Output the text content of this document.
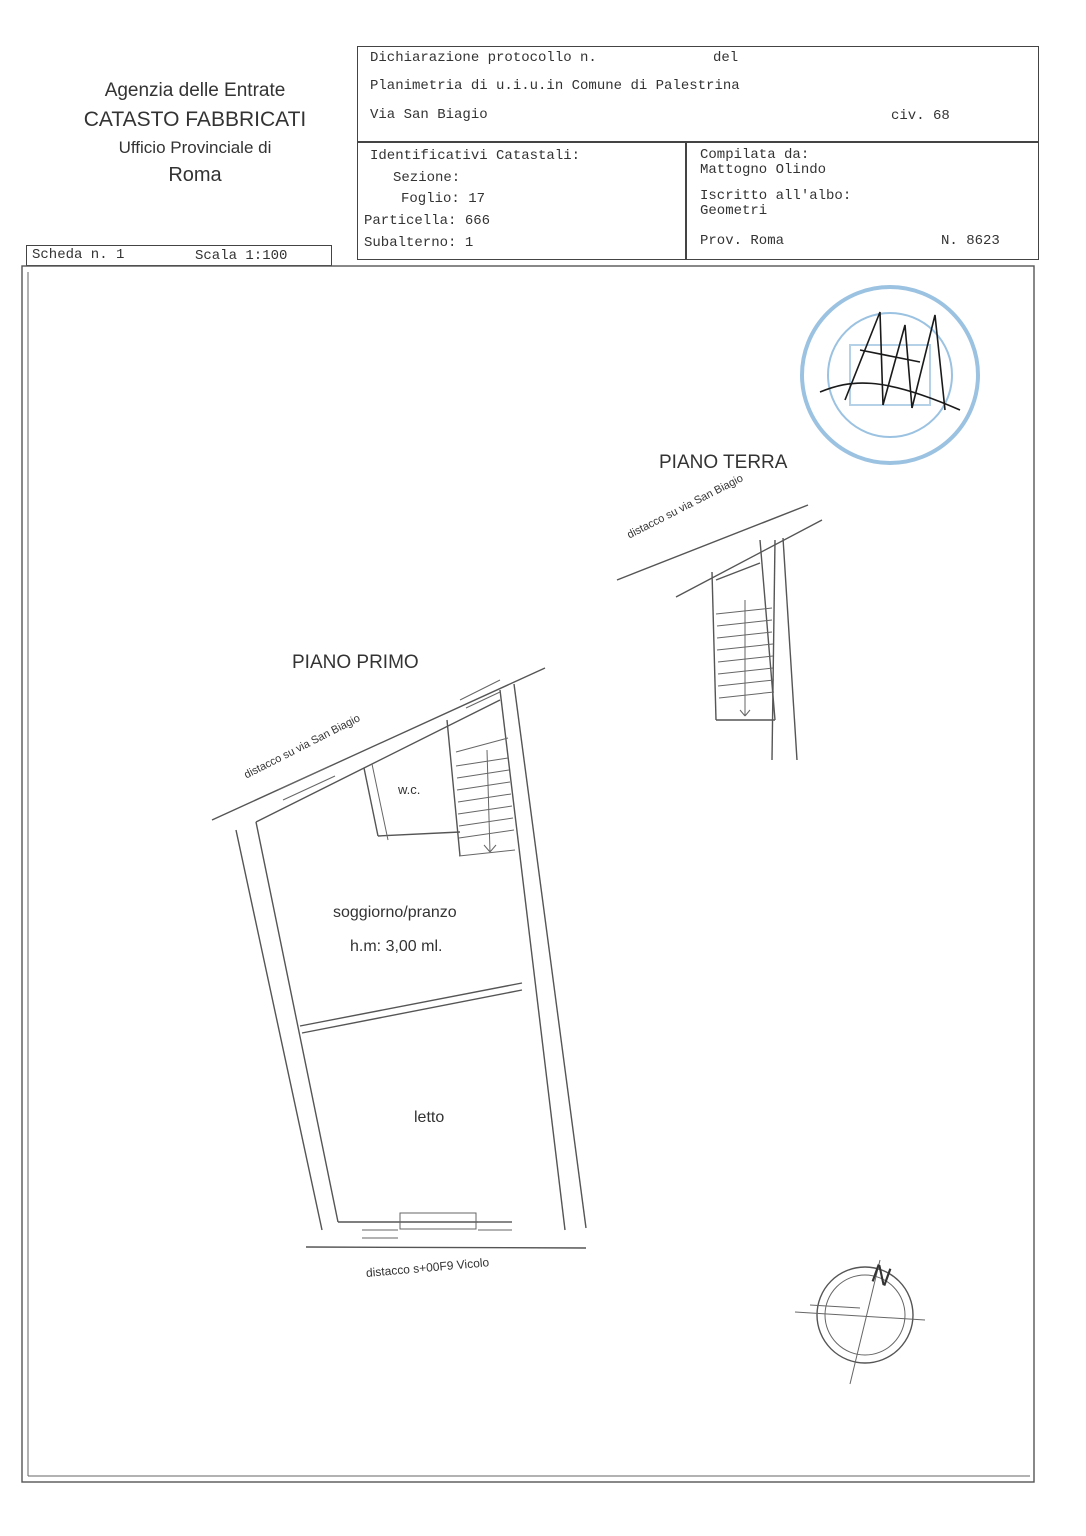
Agenzia delle Entrate
CATASTO FABBRICATI
Ufficio Provinciale di
Roma
Dichiarazione protocollo n.	del
Planimetria di u.i.u.in Comune di Palestrina
Via San Biagio	civ. 68
Identificativi Catastali:
Sezione:
Foglio: 17
Particella: 666
Subalterno: 1
Compilata da:
Mattogno Olindo
Iscritto all'albo:
Geometri
Prov. Roma	N. 8623
Scheda n. 1	Scala 1:100
PIANO TERRA
PIANO PRIMO
distacco su via San Biagio
distacco su via San Biagio
w.c.
soggiorno/pranzo
h.m: 3,00 ml.
letto
distacco s+00F9 Vicolo	N
